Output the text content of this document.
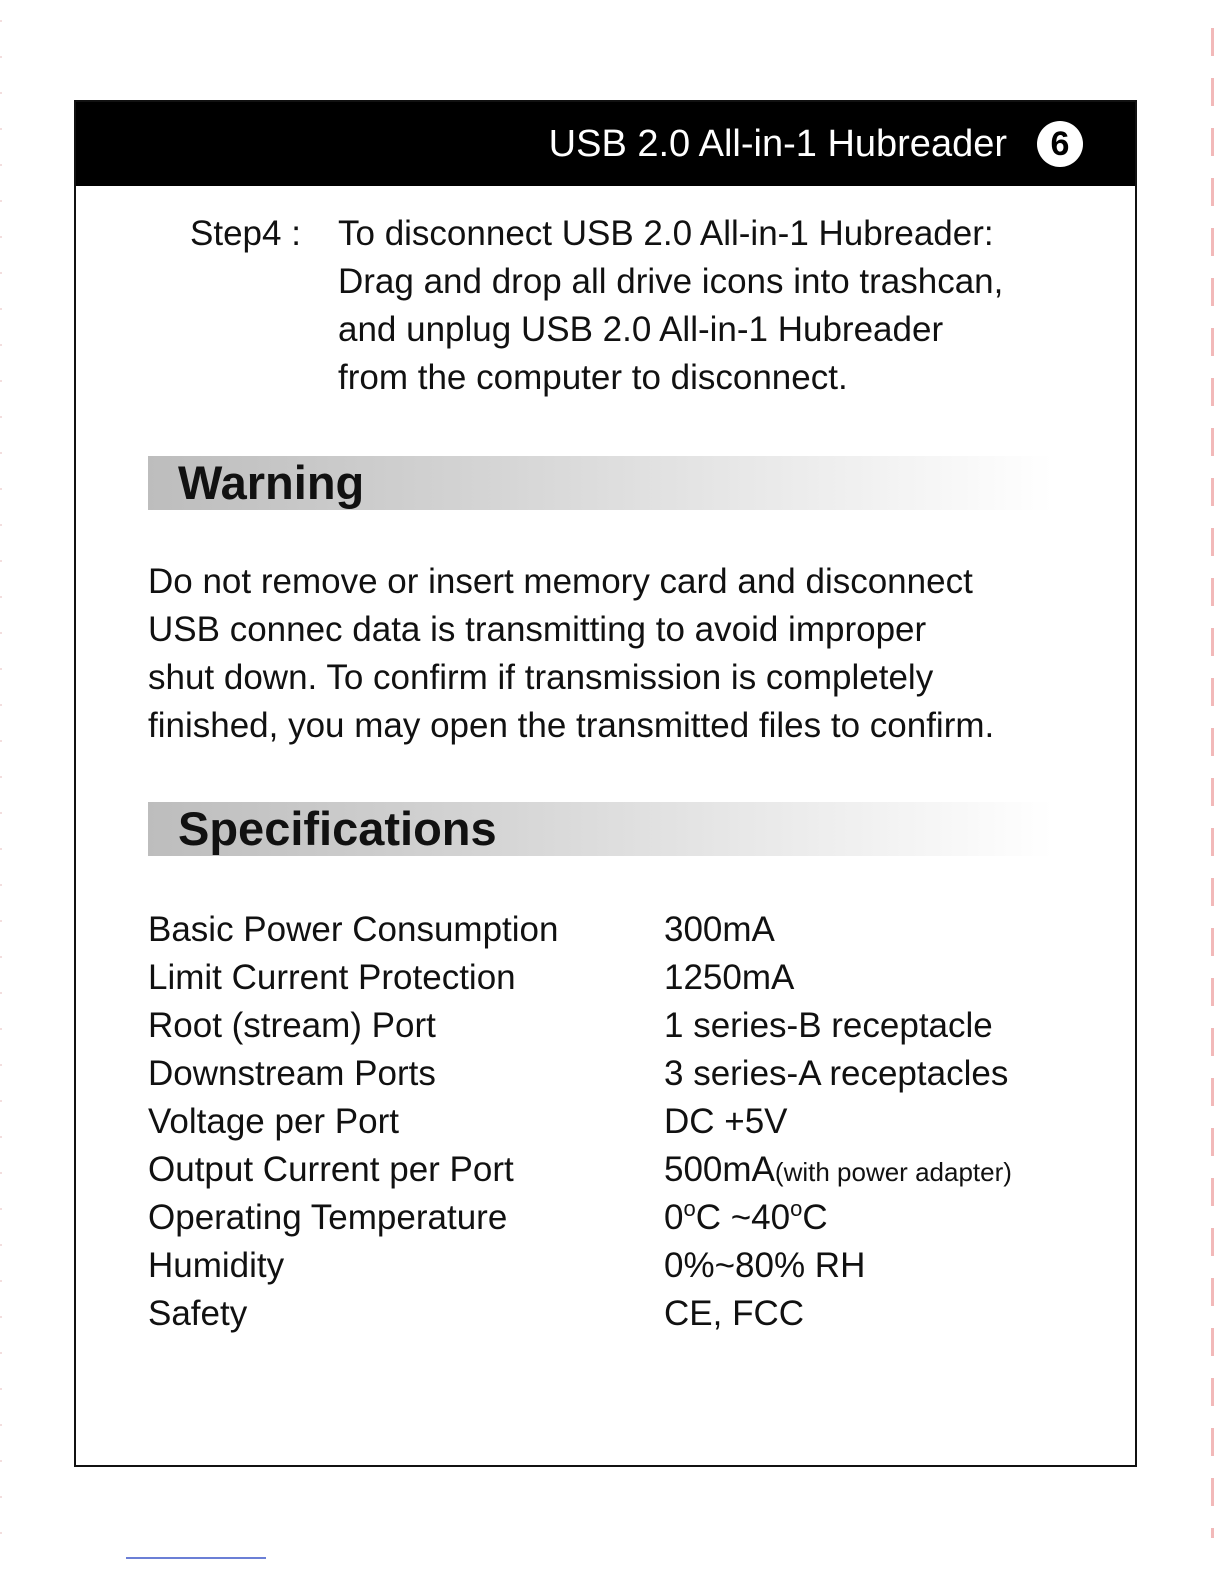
USB 2.0 All-in-1 Hubreader	6
Step4 : To disconnect USB 2.0 All-in-1 Hubreader:
Drag and drop all drive icons into trashcan,
and unplug USB 2.0 All-in-1 Hubreader
from the computer to disconnect.
Warning
Do not remove or insert memory card and disconnect
USB connec data is transmitting to avoid improper
shut down. To confirm if transmission is completely
finished, you may open the transmitted files to confirm.
Specifications
Basic Power Consumption	300mA
Limit Current Protection	1250mA
Root (stream) Port	1 series-B receptacle
Downstream Ports	3 series-A receptacles
Voltage per Port	DC +5V
Output Current per Port	500mA(with power adapter)
Operating Temperature	0$^o$C ~40$^o$C
Humidity	0%~80% RH
Safety	CE, FCC
